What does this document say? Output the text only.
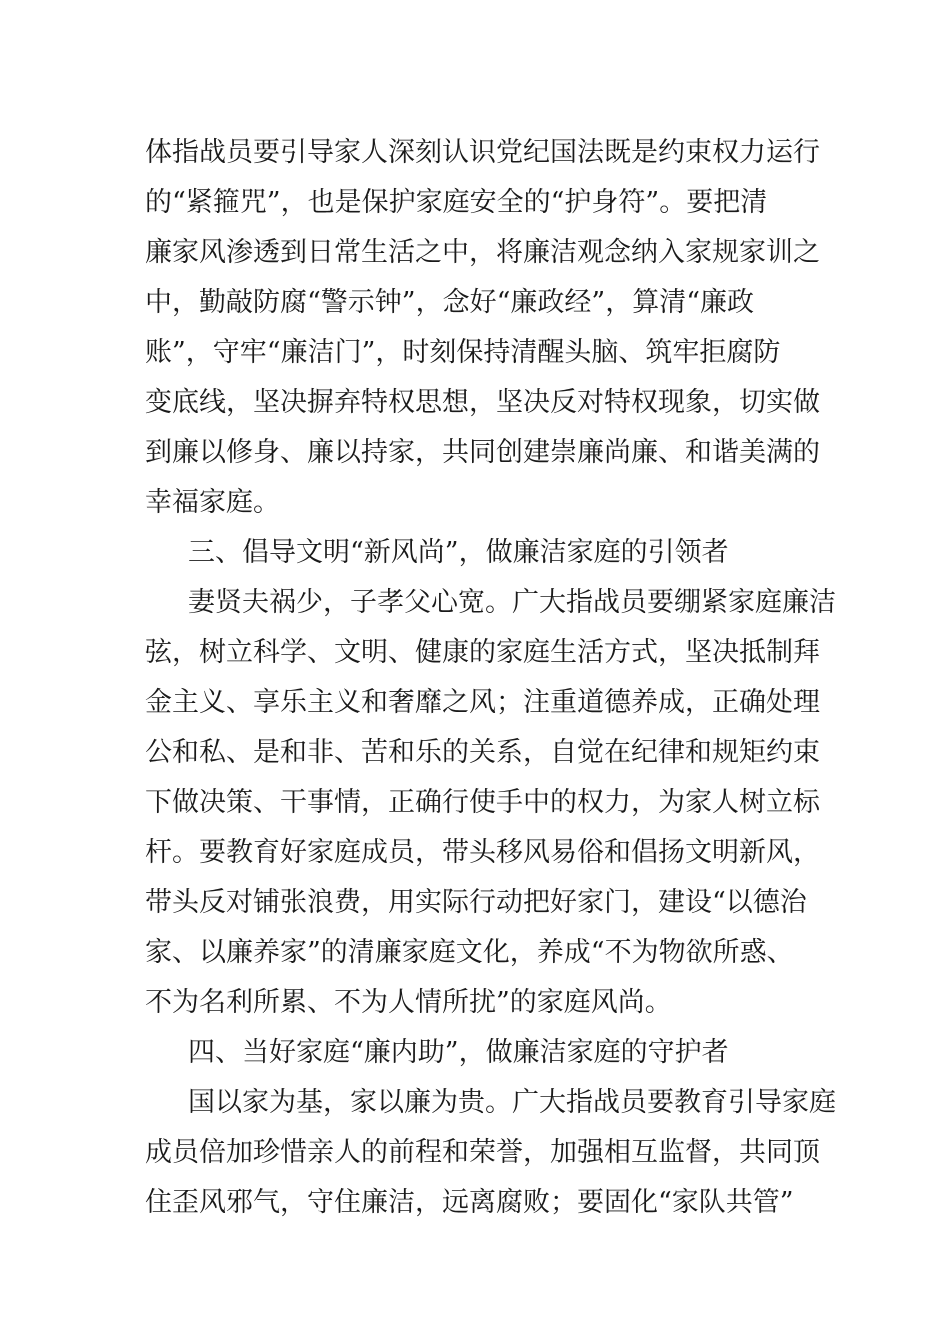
体指战员要引导家人深刻认识党纪国法既是约束权力运行
的“紧箍咒”，也是保护家庭安全的“护身符”。要把清
廉家风渗透到日常生活之中，将廉洁观念纳入家规家训之
中，勤敲防腐“警示钟”，念好“廉政经”，算清“廉政
账”，守牢“廉洁门”，时刻保持清醒头脑、筑牢拒腐防
变底线，坚决摒弃特权思想，坚决反对特权现象，切实做
到廉以修身、廉以持家，共同创建崇廉尚廉、和谐美满的
幸福家庭。
三、倡导文明“新风尚”，做廉洁家庭的引领者
妻贤夫祸少，子孝父心宽。广大指战员要绷紧家庭廉洁
弦，树立科学、文明、健康的家庭生活方式，坚决抵制拜
金主义、享乐主义和奢靡之风；注重道德养成，正确处理
公和私、是和非、苦和乐的关系，自觉在纪律和规矩约束
下做决策、干事情，正确行使手中的权力，为家人树立标
杆。要教育好家庭成员，带头移风易俗和倡扬文明新风，
带头反对铺张浪费，用实际行动把好家门，建设“以德治
家、以廉养家”的清廉家庭文化，养成“不为物欲所惑、
不为名利所累、不为人情所扰”的家庭风尚。
四、当好家庭“廉内助”，做廉洁家庭的守护者
国以家为基，家以廉为贵。广大指战员要教育引导家庭
成员倍加珍惜亲人的前程和荣誉，加强相互监督，共同顶
住歪风邪气，守住廉洁，远离腐败；要固化“家队共管”
